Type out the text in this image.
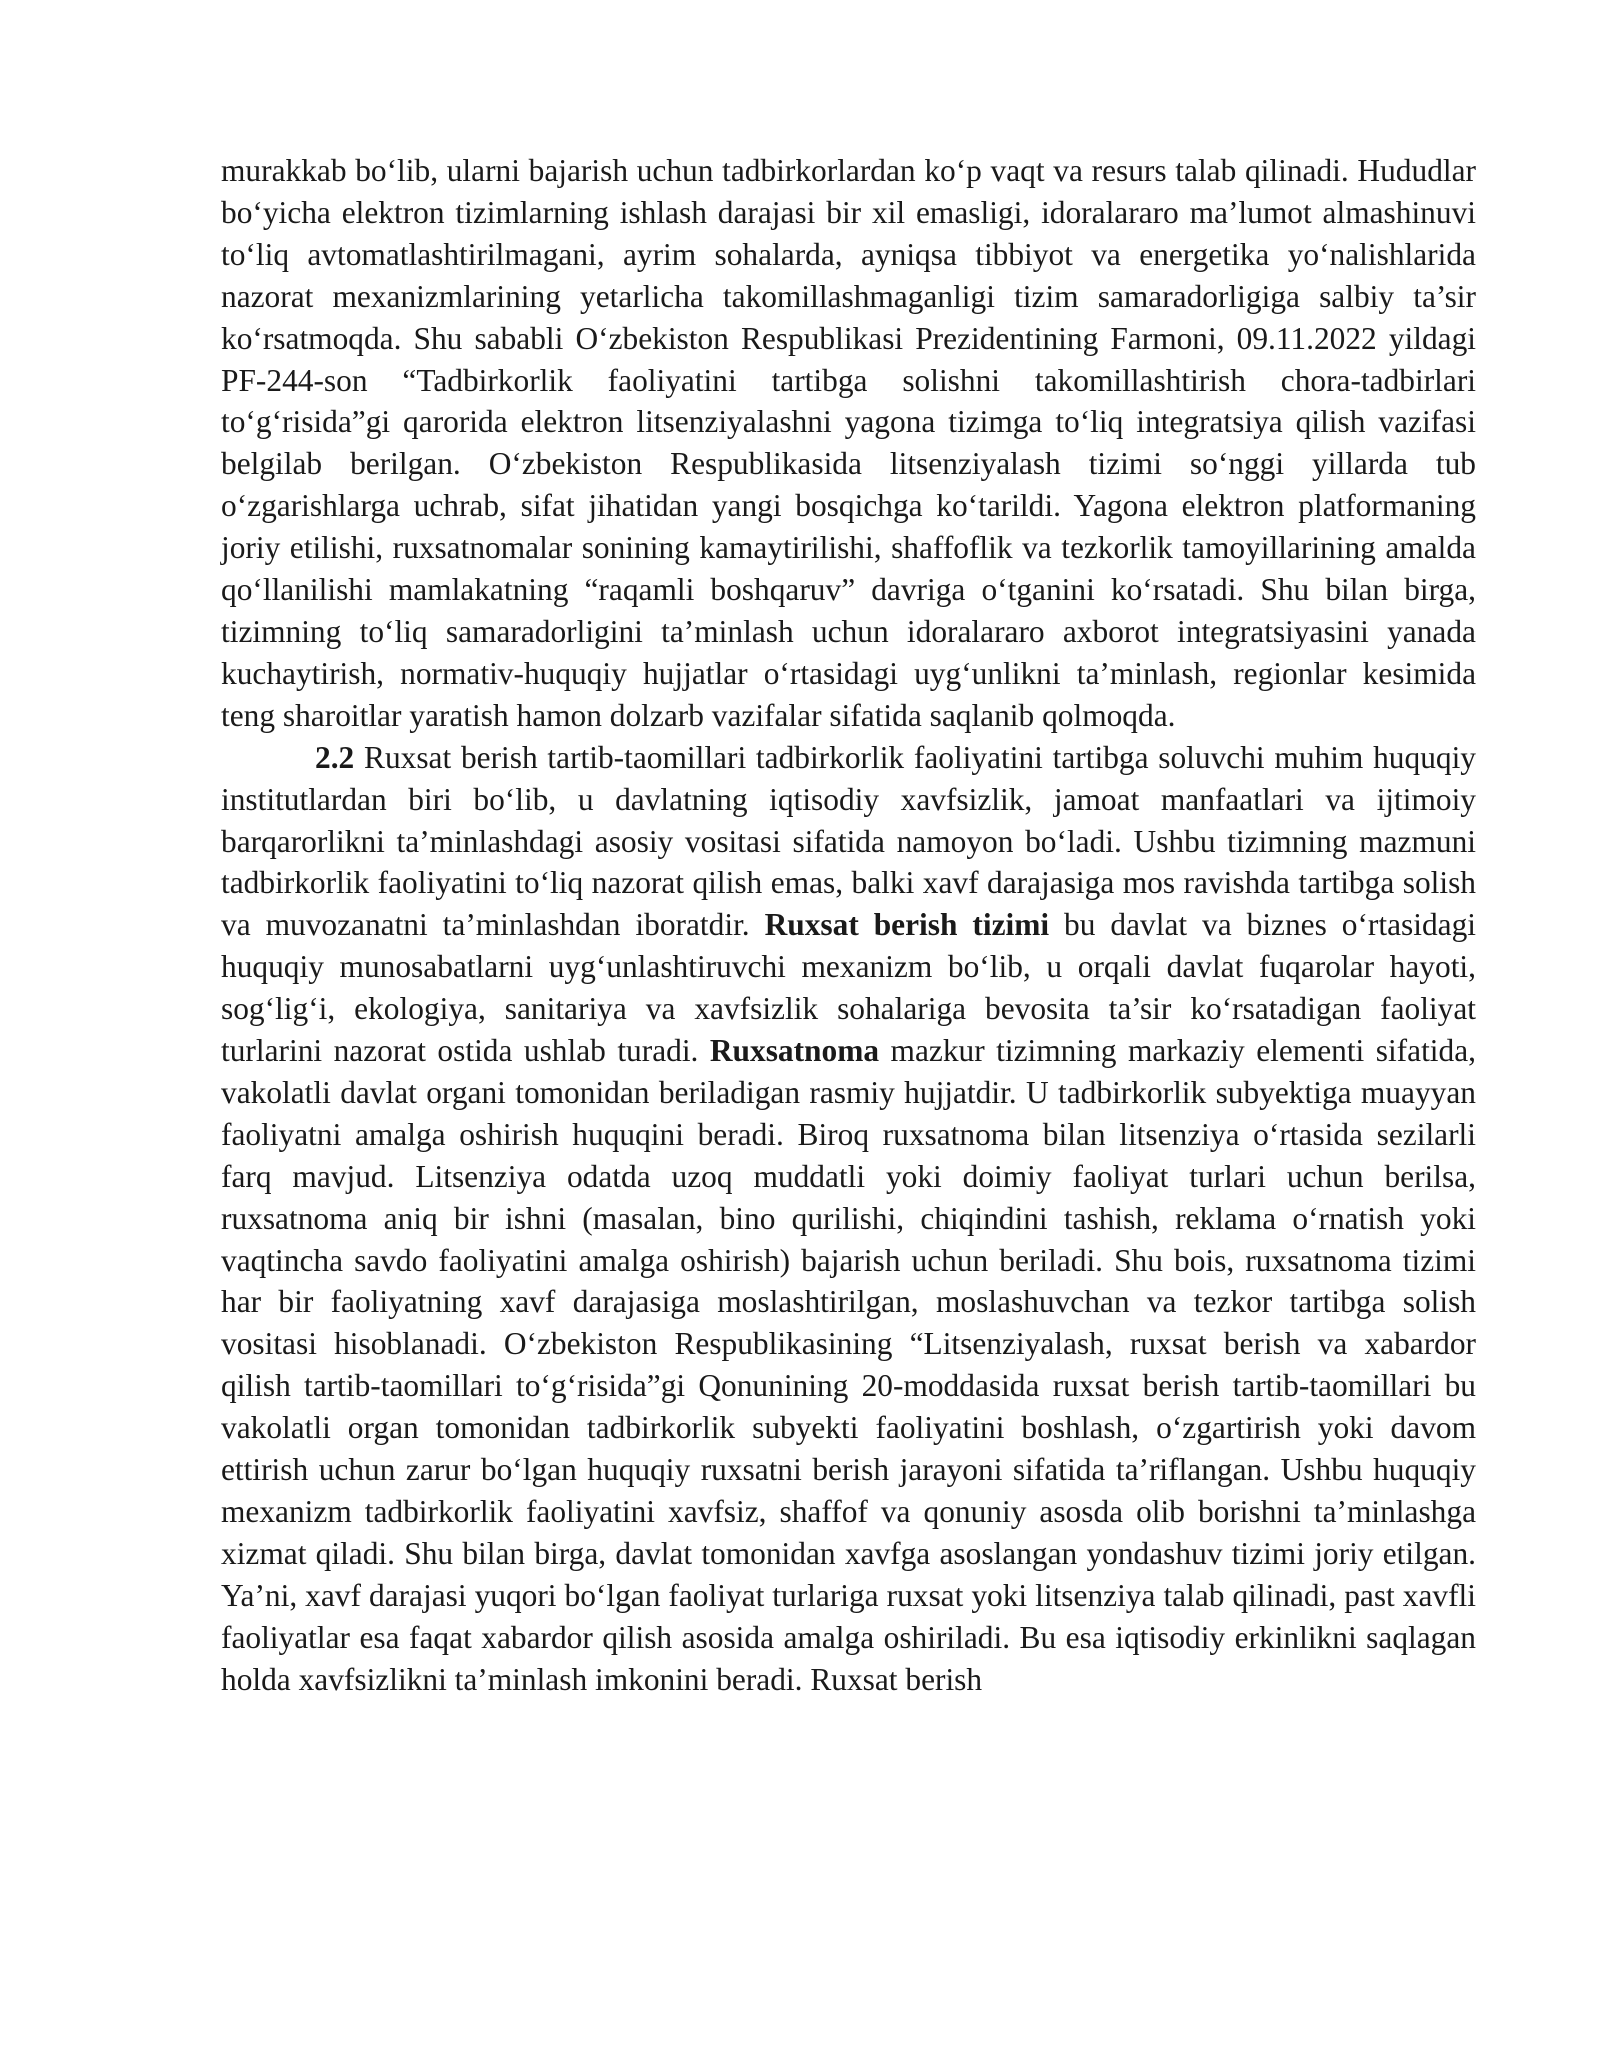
murakkab bo‘lib, ularni bajarish uchun tadbirkorlardan ko‘p vaqt va resurs talab qilinadi. Hududlar bo‘yicha elektron tizimlarning ishlash darajasi bir xil emasligi, idoralararo ma’lumot almashinuvi to‘liq avtomatlashtirilmagani, ayrim sohalarda, ayniqsa tibbiyot va energetika yo‘nalishlarida nazorat mexanizmlarining yetarlicha takomillashmaganligi tizim samaradorligiga salbiy ta’sir ko‘rsatmoqda. Shu sababli O‘zbekiston Respublikasi Prezidentining Farmoni, 09.11.2022 yildagi PF-244-son “Tadbirkorlik faoliyatini tartibga solishni takomillashtirish chora-tadbirlari to‘g‘risida”gi qarorida elektron litsenziyalashni yagona tizimga to‘liq integratsiya qilish vazifasi belgilab berilgan. O‘zbekiston Respublikasida litsenziyalash tizimi so‘nggi yillarda tub o‘zgarishlarga uchrab, sifat jihatidan yangi bosqichga ko‘tarildi. Yagona elektron platformaning joriy etilishi, ruxsatnomalar sonining kamaytirilishi, shaffoflik va tezkorlik tamoyillarining amalda qo‘llanilishi mamlakatning “raqamli boshqaruv” davriga o‘tganini ko‘rsatadi. Shu bilan birga, tizimning to‘liq samaradorligini ta’minlash uchun idoralararo axborot integratsiyasini yanada kuchaytirish, normativ-huquqiy hujjatlar o‘rtasidagi uyg‘unlikni ta’minlash, regionlar kesimida teng sharoitlar yaratish hamon dolzarb vazifalar sifatida saqlanib qolmoqda.

2.2 Ruxsat berish tartib-taomillari tadbirkorlik faoliyatini tartibga soluvchi muhim huquqiy institutlardan biri bo‘lib, u davlatning iqtisodiy xavfsizlik, jamoat manfaatlari va ijtimoiy barqarorlikni ta’minlashdagi asosiy vositasi sifatida namoyon bo‘ladi. Ushbu tizimning mazmuni tadbirkorlik faoliyatini to‘liq nazorat qilish emas, balki xavf darajasiga mos ravishda tartibga solish va muvozanatni ta’minlashdan iboratdir. Ruxsat berish tizimi bu davlat va biznes o‘rtasidagi huquqiy munosabatlarni uyg‘unlashtiruvchi mexanizm bo‘lib, u orqali davlat fuqarolar hayoti, sog‘lig‘i, ekologiya, sanitariya va xavfsizlik sohalariga bevosita ta’sir ko‘rsatadigan faoliyat turlarini nazorat ostida ushlab turadi. Ruxsatnoma mazkur tizimning markaziy elementi sifatida, vakolatli davlat organi tomonidan beriladigan rasmiy hujjatdir. U tadbirkorlik subyektiga muayyan faoliyatni amalga oshirish huquqini beradi. Biroq ruxsatnoma bilan litsenziya o‘rtasida sezilarli farq mavjud. Litsenziya odatda uzoq muddatli yoki doimiy faoliyat turlari uchun berilsa, ruxsatnoma aniq bir ishni (masalan, bino qurilishi, chiqindini tashish, reklama o‘rnatish yoki vaqtincha savdo faoliyatini amalga oshirish) bajarish uchun beriladi. Shu bois, ruxsatnoma tizimi har bir faoliyatning xavf darajasiga moslashtirilgan, moslashuvchan va tezkor tartibga solish vositasi hisoblanadi. O‘zbekiston Respublikasining “Litsenziyalash, ruxsat berish va xabardor qilish tartib-taomillari to‘g‘risida”gi Qonunining 20-moddasida ruxsat berish tartib-taomillari bu vakolatli organ tomonidan tadbirkorlik subyekti faoliyatini boshlash, o‘zgartirish yoki davom ettirish uchun zarur bo‘lgan huquqiy ruxsatni berish jarayoni sifatida ta’riflangan. Ushbu huquqiy mexanizm tadbirkorlik faoliyatini xavfsiz, shaffof va qonuniy asosda olib borishni ta’minlashga xizmat qiladi. Shu bilan birga, davlat tomonidan xavfga asoslangan yondashuv tizimi joriy etilgan. Ya’ni, xavf darajasi yuqori bo‘lgan faoliyat turlariga ruxsat yoki litsenziya talab qilinadi, past xavfli faoliyatlar esa faqat xabardor qilish asosida amalga oshiriladi. Bu esa iqtisodiy erkinlikni saqlagan holda xavfsizlikni ta’minlash imkonini beradi. Ruxsat berish
